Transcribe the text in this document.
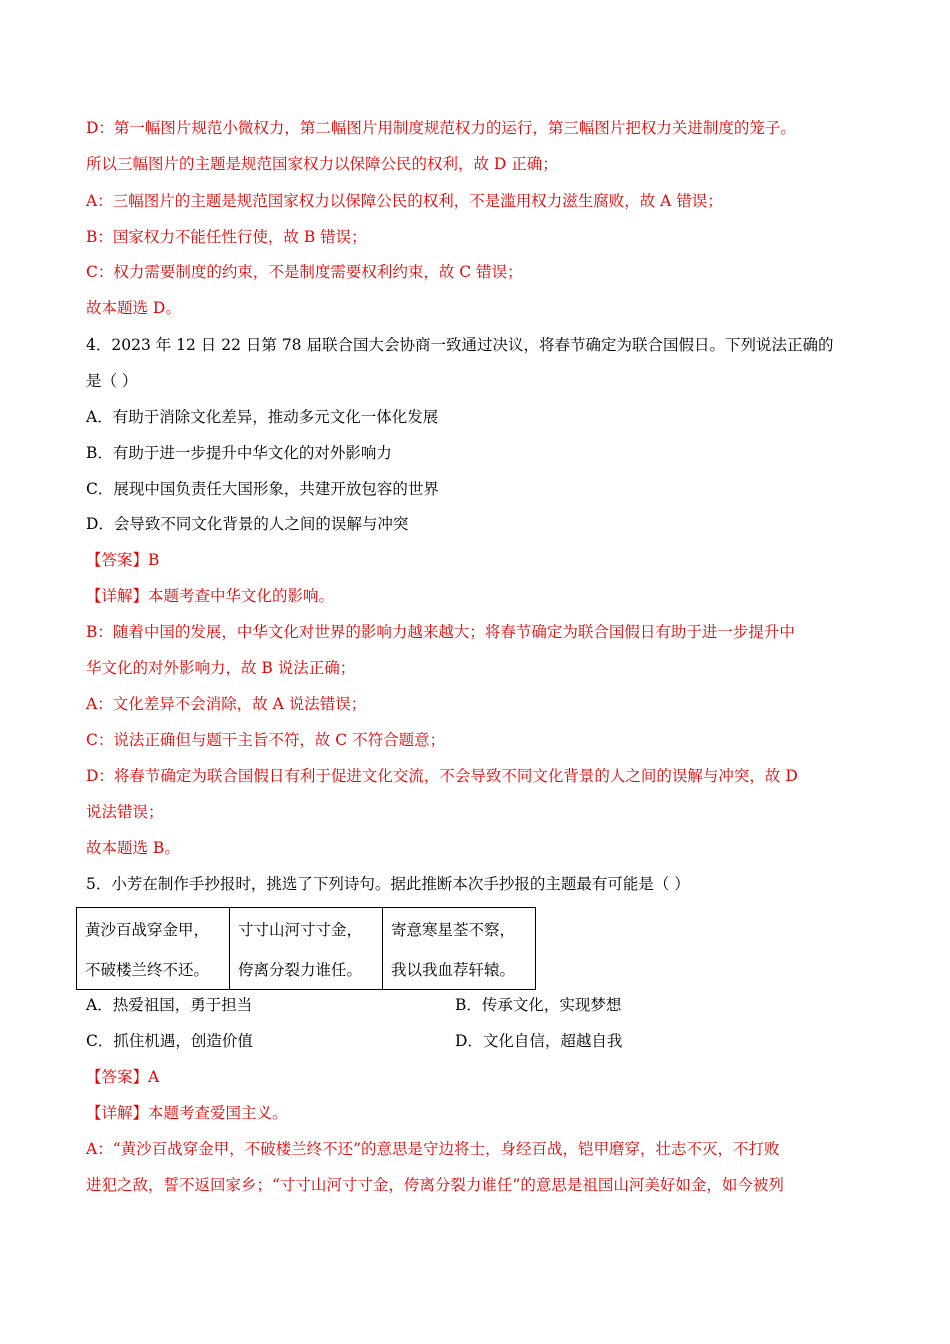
D：第一幅图片规范小微权力，第二幅图片用制度规范权力的运行，第三幅图片把权力关进制度的笼子。
所以三幅图片的主题是规范国家权力以保障公民的权利，故 D 正确；
A：三幅图片的主题是规范国家权力以保障公民的权利，不是滥用权力滋生腐败，故 A 错误；
B：国家权力不能任性行使，故 B 错误；
C：权力需要制度的约束，不是制度需要权利约束，故 C 错误；
故本题选 D。
4．2023 年 12 日 22 日第 78 届联合国大会协商一致通过决议，将春节确定为联合国假日。下列说法正确的
是（ ）
A．有助于消除文化差异，推动多元文化一体化发展
B．有助于进一步提升中华文化的对外影响力
C．展现中国负责任大国形象，共建开放包容的世界
D．会导致不同文化背景的人之间的误解与冲突
【答案】B
【详解】本题考查中华文化的影响。
B：随着中国的发展，中华文化对世界的影响力越来越大；将春节确定为联合国假日有助于进一步提升中
华文化的对外影响力，故 B 说法正确；
A：文化差异不会消除，故 A 说法错误；
C：说法正确但与题干主旨不符，故 C 不符合题意；
D：将春节确定为联合国假日有利于促进文化交流，不会导致不同文化背景的人之间的误解与冲突，故 D
说法错误；
故本题选 B。
5．小芳在制作手抄报时，挑选了下列诗句。据此推断本次手抄报的主题最有可能是（ ）
黄沙百战穿金甲，
不破楼兰终不还。

寸寸山河寸寸金，
侉离分裂力谁任。

寄意寒星荃不察，
我以我血荐轩辕。
A．热爱祖国，勇于担当	B．传承文化，实现梦想
C．抓住机遇，创造价值	D．文化自信，超越自我
【答案】A
【详解】本题考查爱国主义。
A：“黄沙百战穿金甲，不破楼兰终不还”的意思是守边将士，身经百战，铠甲磨穿，壮志不灭，不打败
进犯之敌，誓不返回家乡；“寸寸山河寸寸金，侉离分裂力谁任”的意思是祖国山河美好如金，如今被列
